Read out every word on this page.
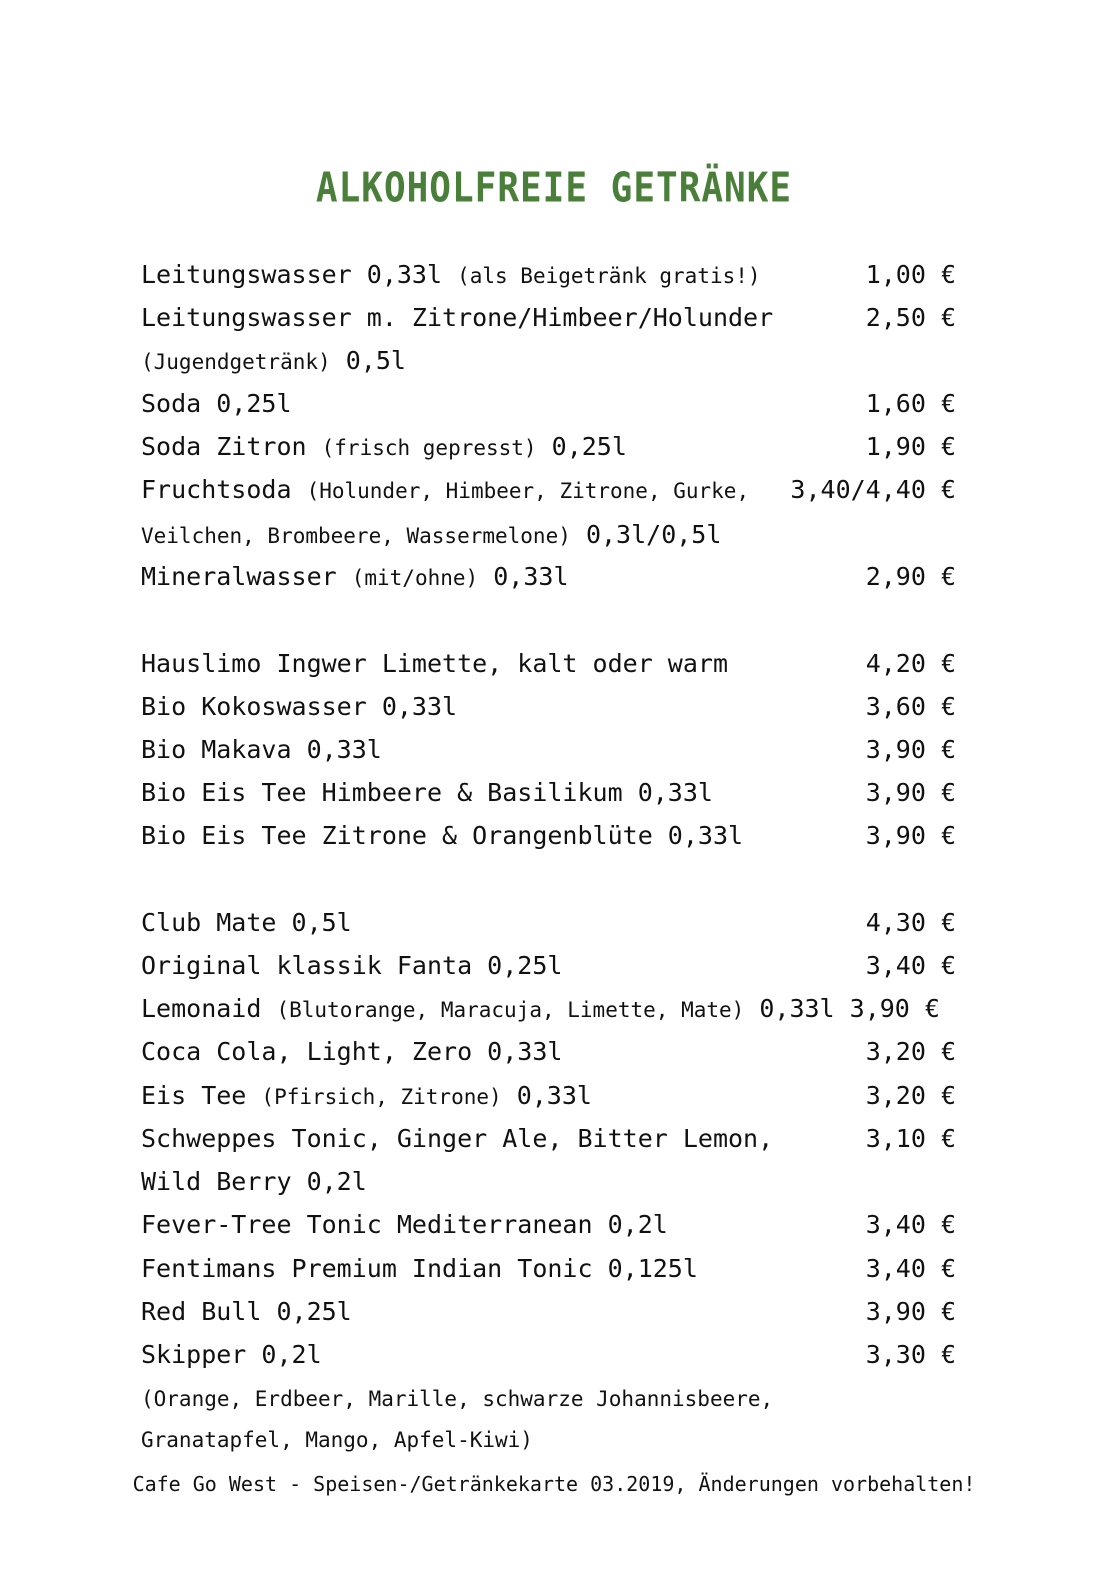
ALKOHOLFREIE GETRÄNKE
Leitungswasser 0,33l (als Beigetränk gratis!)	1,00 €
Leitungswasser m. Zitrone/Himbeer/Holunder	2,50 €
(Jugendgetränk) 0,5l
Soda 0,25l	1,60 €
Soda Zitron (frisch gepresst) 0,25l	1,90 €
Fruchtsoda (Holunder, Himbeer, Zitrone, Gurke, 3,40/4,40 €
Veilchen, Brombeere, Wassermelone) 0,3l/0,5l
Mineralwasser (mit/ohne) 0,33l	2,90 €
Hauslimo Ingwer Limette, kalt oder warm	4,20 €
Bio Kokoswasser 0,33l	3,60 €
Bio Makava 0,33l	3,90 €
Bio Eis Tee Himbeere & Basilikum 0,33l	3,90 €
Bio Eis Tee Zitrone & Orangenblüte 0,33l	3,90 €
Club Mate 0,5l	4,30 €
Original klassik Fanta 0,25l	3,40 €
Lemonaid (Blutorange, Maracuja, Limette, Mate) 0,33l 3,90 €
Coca Cola, Light, Zero 0,33l	3,20 €
Eis Tee (Pfirsich, Zitrone) 0,33l	3,20 €
Schweppes Tonic, Ginger Ale, Bitter Lemon,	3,10 €
Wild Berry 0,2l
Fever-Tree Tonic Mediterranean 0,2l	3,40 €
Fentimans Premium Indian Tonic 0,125l	3,40 €
Red Bull 0,25l	3,90 €
Skipper 0,2l	3,30 €
(Orange, Erdbeer, Marille, schwarze Johannisbeere,
Granatapfel, Mango, Apfel-Kiwi)
Cafe Go West - Speisen-/Getränkekarte 03.2019, Änderungen vorbehalten!
